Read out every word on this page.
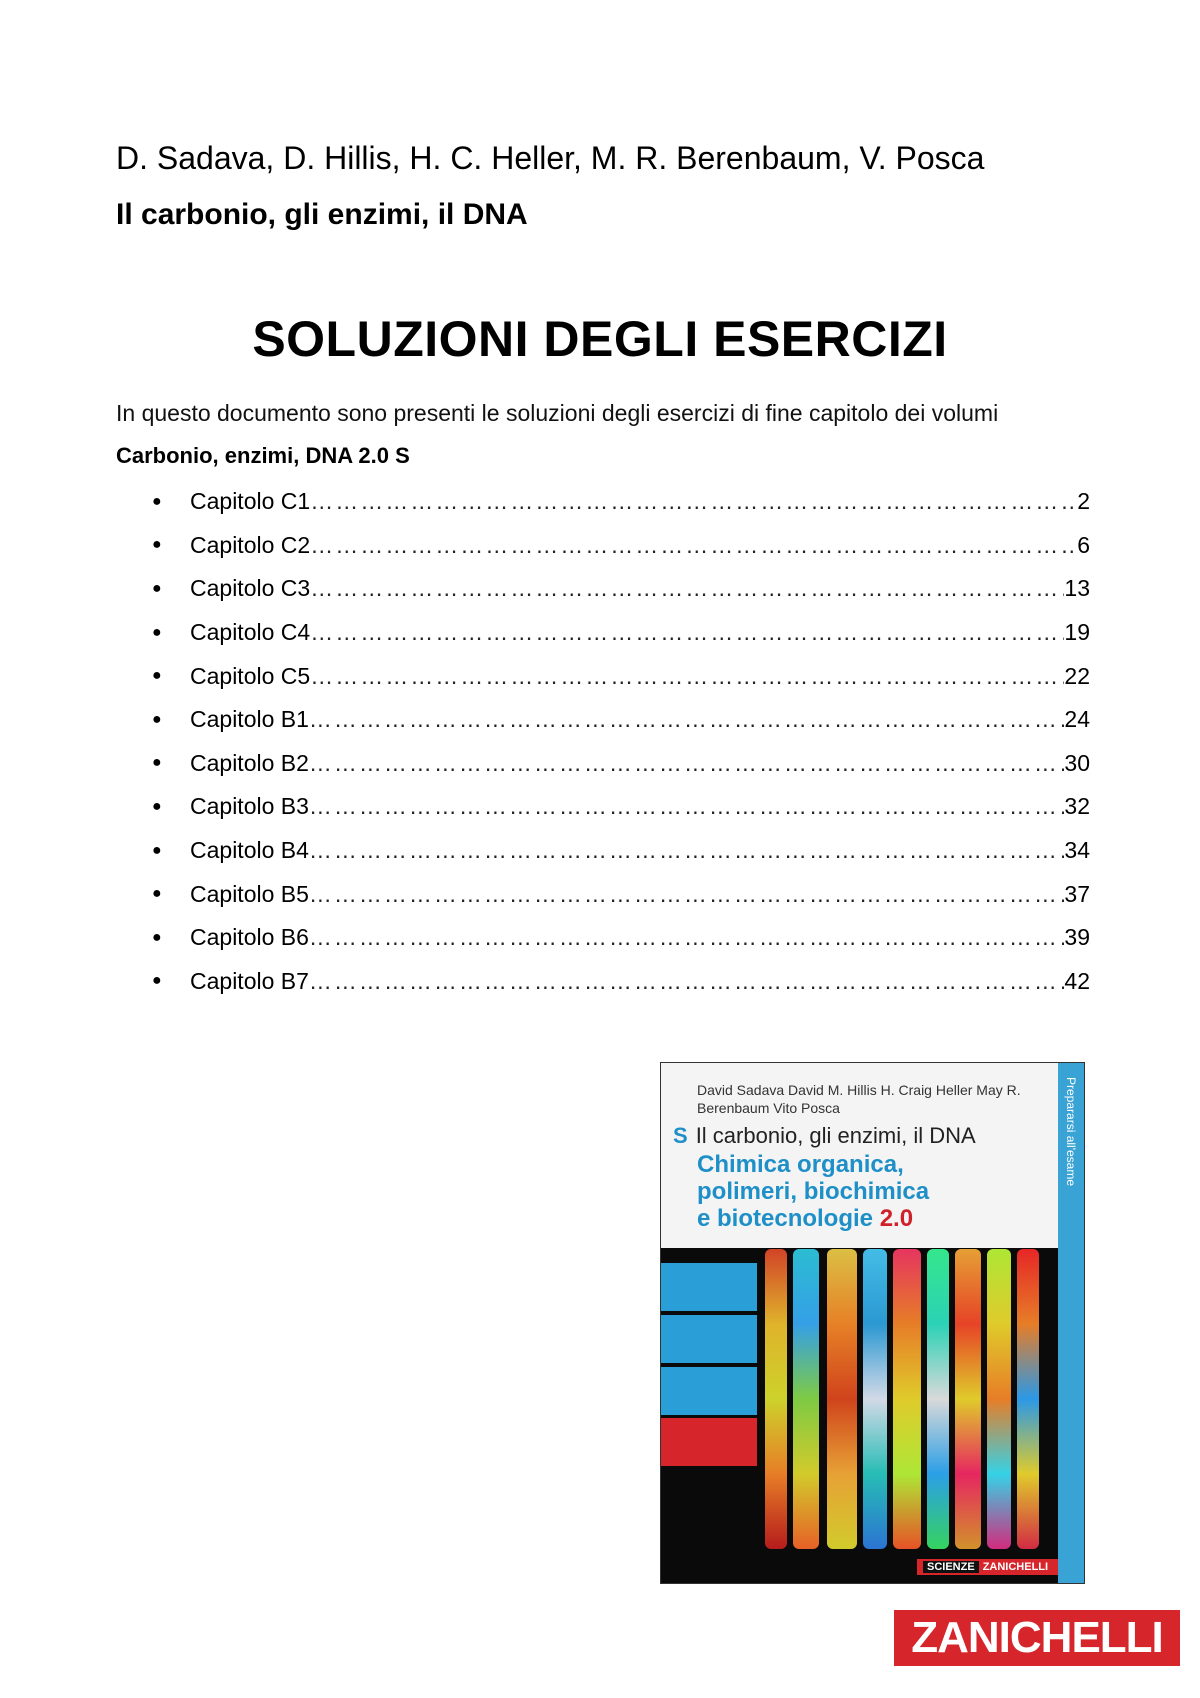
D. Sadava, D. Hillis, H. C. Heller, M. R. Berenbaum, V. Posca
Il carbonio, gli enzimi, il DNA
SOLUZIONI DEGLI ESERCIZI
In questo documento sono presenti le soluzioni degli esercizi di fine capitolo dei volumi
Carbonio, enzimi, DNA 2.0 S
●	Capitolo C1 ……………………………………………………………………………………………………………………………	2
●	Capitolo C2 ……………………………………………………………………………………………………………………………	6
●	Capitolo C3 ……………………………………………………………………………………………………………………………	13
●	Capitolo C4 ……………………………………………………………………………………………………………………………	19
●	Capitolo C5 ……………………………………………………………………………………………………………………………	22
●	Capitolo B1 ……………………………………………………………………………………………………………………………	24
●	Capitolo B2 ……………………………………………………………………………………………………………………………	30
●	Capitolo B3 ……………………………………………………………………………………………………………………………	32
●	Capitolo B4 ……………………………………………………………………………………………………………………………	34
●	Capitolo B5 ……………………………………………………………………………………………………………………………	37
●	Capitolo B6 ……………………………………………………………………………………………………………………………	39
●	Capitolo B7 ……………………………………………………………………………………………………………………………	42
David Sadava David M. Hillis H. Craig Heller May R. Berenbaum Vito Posca
S Il carbonio, gli enzimi, il DNA
Chimica organica,
polimeri, biochimica
e biotecnologie 2.0
SCIENZE ZANICHELLI
Prepararsi all'esame
ZANICHELLI
